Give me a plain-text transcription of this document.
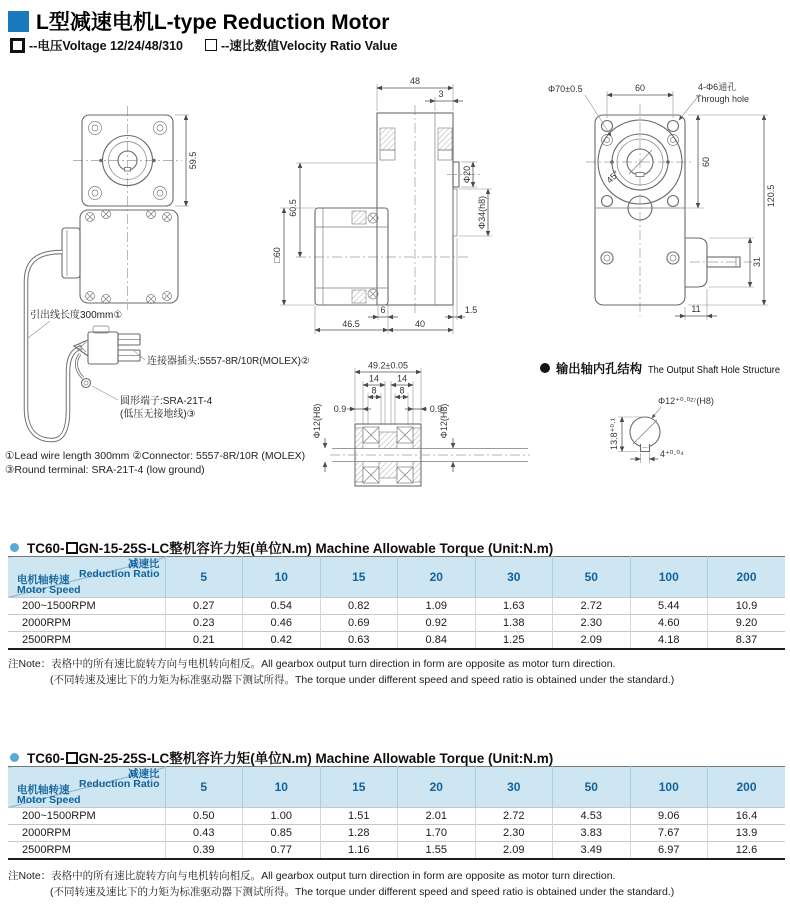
L型减速电机L-type Reduction Motor
--电压Voltage 12/24/48/310	--速比数值Velocity Ratio Value
59.5
引出线长度300mm①
连接器插头:5557-8R/10R(MOLEX)②
圆形端子:SRA-21T-4
(低压无接地线)③
48
3
Φ20
Φ34(h8)
60.5
□60
6	1.5
46.5	40
45°
Φ70±0.5	60	4-Φ6通孔
Through hole
60
120.5
31
11
49.2±0.05
14 14
8	8
0.9	0.9
Φ12(H8)	Φ12(H8)
输出轴内孔结构 The Output Shaft Hole Structure
Φ12⁺⁰·⁰²⁷(H8)
13.8⁺⁰·¹
4⁺⁰·⁰⁴
①Lead wire length 300mm ②Connector: 5557-8R/10R (MOLEX)
③Round terminal: SRA-21T-4 (low ground)
TC60- GN-15-25S-LC整机容许力矩(单位N.m) Machine Allowable Torque (Unit:N.m)
减速比
Reduction Ratio
电机轴转速
Motor Speed	5	10	15	20	30	50	100	200
200~1500RPM	0.27	0.54	0.82	1.09	1.63	2.72	5.44	10.9
2000RPM	0.23	0.46	0.69	0.92	1.38	2.30	4.60	9.20
2500RPM	0.21	0.42	0.63	0.84	1.25	2.09	4.18	8.37
注Note：表格中的所有速比旋转方向与电机转向相反。All gearbox output turn direction in form are opposite as motor turn direction.
(不同转速及速比下的力矩为标准驱动器下测试所得。The torque under different speed and speed ratio is obtained under the standard.)
TC60- GN-25-25S-LC整机容许力矩(单位N.m) Machine Allowable Torque (Unit:N.m)
减速比
Reduction Ratio
电机轴转速
Motor Speed	5	10	15	20	30	50	100	200
200~1500RPM	0.50	1.00	1.51	2.01	2.72	4.53	9.06	16.4
2000RPM	0.43	0.85	1.28	1.70	2.30	3.83	7.67	13.9
2500RPM	0.39	0.77	1.16	1.55	2.09	3.49	6.97	12.6
注Note：表格中的所有速比旋转方向与电机转向相反。All gearbox output turn direction in form are opposite as motor turn direction.
(不同转速及速比下的力矩为标准驱动器下测试所得。The torque under different speed and speed ratio is obtained under the standard.)
